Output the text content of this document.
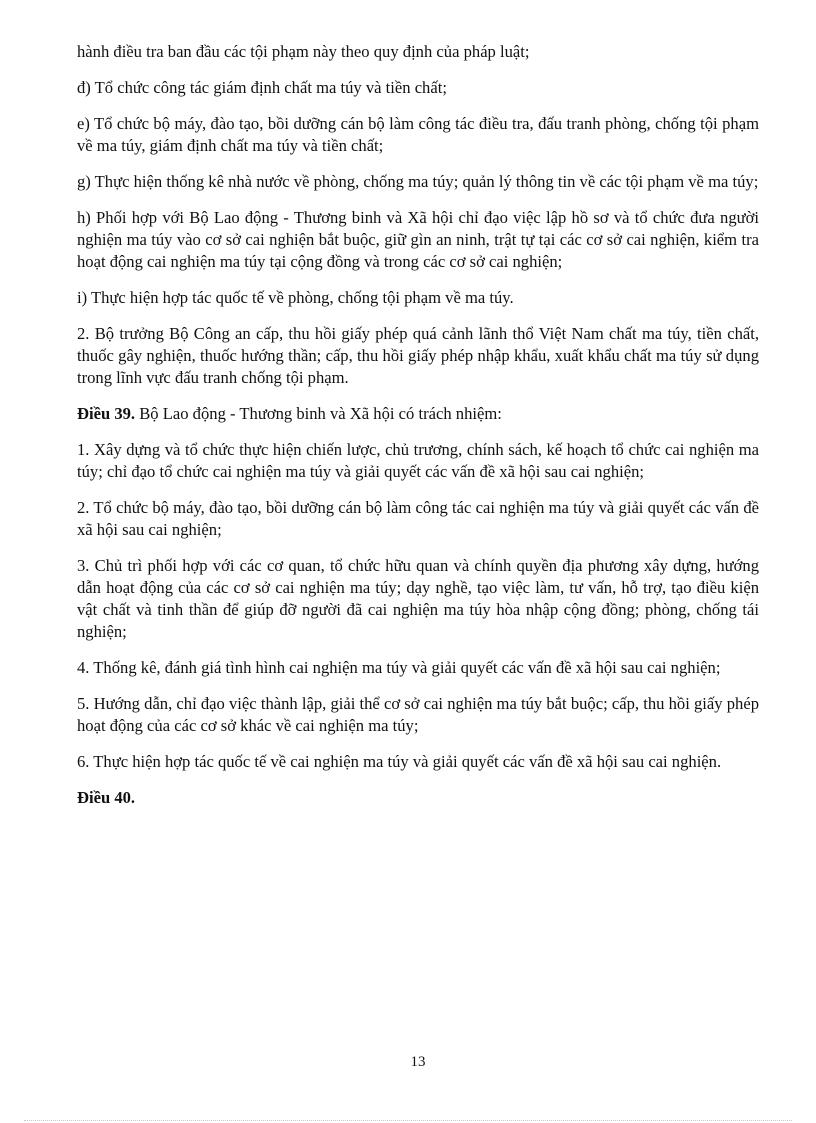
hành điều tra ban đầu các tội phạm này theo quy định của pháp luật;

đ) Tổ chức công tác giám định chất ma túy và tiền chất;

e) Tổ chức bộ máy, đào tạo, bồi dưỡng cán bộ làm công tác điều tra, đấu tranh phòng, chống tội phạm về ma túy, giám định chất ma túy và tiền chất;

g) Thực hiện thống kê nhà nước về phòng, chống ma túy; quản lý thông tin về các tội phạm về ma túy;

h) Phối hợp với Bộ Lao động - Thương binh và Xã hội chỉ đạo việc lập hồ sơ và tổ chức đưa người nghiện ma túy vào cơ sở cai nghiện bắt buộc, giữ gìn an ninh, trật tự tại các cơ sở cai nghiện, kiểm tra hoạt động cai nghiện ma túy tại cộng đồng và trong các cơ sở cai nghiện;

i) Thực hiện hợp tác quốc tế về phòng, chống tội phạm về ma túy.

2. Bộ trưởng Bộ Công an cấp, thu hồi giấy phép quá cảnh lãnh thổ Việt Nam chất ma túy, tiền chất, thuốc gây nghiện, thuốc hướng thần; cấp, thu hồi giấy phép nhập khẩu, xuất khẩu chất ma túy sử dụng trong lĩnh vực đấu tranh chống tội phạm.

Điều 39. Bộ Lao động - Thương binh và Xã hội có trách nhiệm:

1. Xây dựng và tổ chức thực hiện chiến lược, chủ trương, chính sách, kế hoạch tổ chức cai nghiện ma túy; chỉ đạo tổ chức cai nghiện ma túy và giải quyết các vấn đề xã hội sau cai nghiện;

2. Tổ chức bộ máy, đào tạo, bồi dưỡng cán bộ làm công tác cai nghiện ma túy và giải quyết các vấn đề xã hội sau cai nghiện;

3. Chủ trì phối hợp với các cơ quan, tổ chức hữu quan và chính quyền địa phương xây dựng, hướng dẫn hoạt động của các cơ sở cai nghiện ma túy; dạy nghề, tạo việc làm, tư vấn, hỗ trợ, tạo điều kiện vật chất và tinh thần để giúp đỡ người đã cai nghiện ma túy hòa nhập cộng đồng; phòng, chống tái nghiện;

4. Thống kê, đánh giá tình hình cai nghiện ma túy và giải quyết các vấn đề xã hội sau cai nghiện;

5. Hướng dẫn, chỉ đạo việc thành lập, giải thể cơ sở cai nghiện ma túy bắt buộc; cấp, thu hồi giấy phép hoạt động của các cơ sở khác về cai nghiện ma túy;

6. Thực hiện hợp tác quốc tế về cai nghiện ma túy và giải quyết các vấn đề xã hội sau cai nghiện.

Điều 40.

13
